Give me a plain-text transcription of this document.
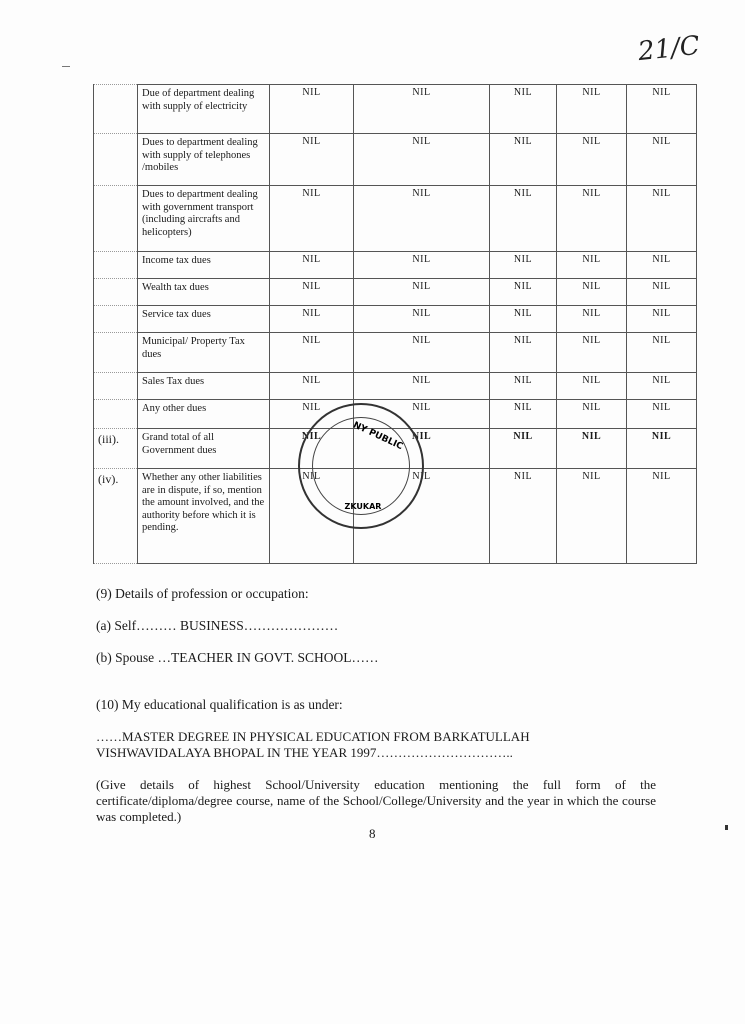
21/C
	Due of department dealing with supply of electricity	NIL	NIL	NIL	NIL	NIL
	Dues to department dealing with supply of telephones /mobiles	NIL	NIL	NIL	NIL	NIL
	Dues to department dealing with government transport (including aircrafts and helicopters)	NIL	NIL	NIL	NIL	NIL
	Income tax dues	NIL	NIL	NIL	NIL	NIL
	Wealth tax dues	NIL	NIL	NIL	NIL	NIL
	Service tax dues	NIL	NIL	NIL	NIL	NIL
	Municipal/ Property Tax dues	NIL	NIL	NIL	NIL	NIL
	Sales Tax dues	NIL	NIL	NIL	NIL	NIL
	Any other dues	NIL	NIL	NIL	NIL	NIL
(iii).	Grand total of all Government dues	NIL	NIL	NIL	NIL	NIL
(iv).	Whether any other liabilities are in dispute, if so, mention the amount involved, and the authority before which it is pending.	NIL	NIL	NIL	NIL	NIL
NY PUBLIC
ZKUKAR
(9) Details of profession or occupation:
(a) Self……… BUSINESS…………………
(b) Spouse …TEACHER IN GOVT. SCHOOL……
(10) My educational qualification is as under:
……MASTER DEGREE IN PHYSICAL EDUCATION FROM BARKATULLAH
VISHWAVIDALAYA BHOPAL IN THE YEAR 1997…………………………..
(Give details of highest School/University education mentioning the full form of the certificate/diploma/degree course, name of the School/College/University and the year in which the course was completed.)
8
